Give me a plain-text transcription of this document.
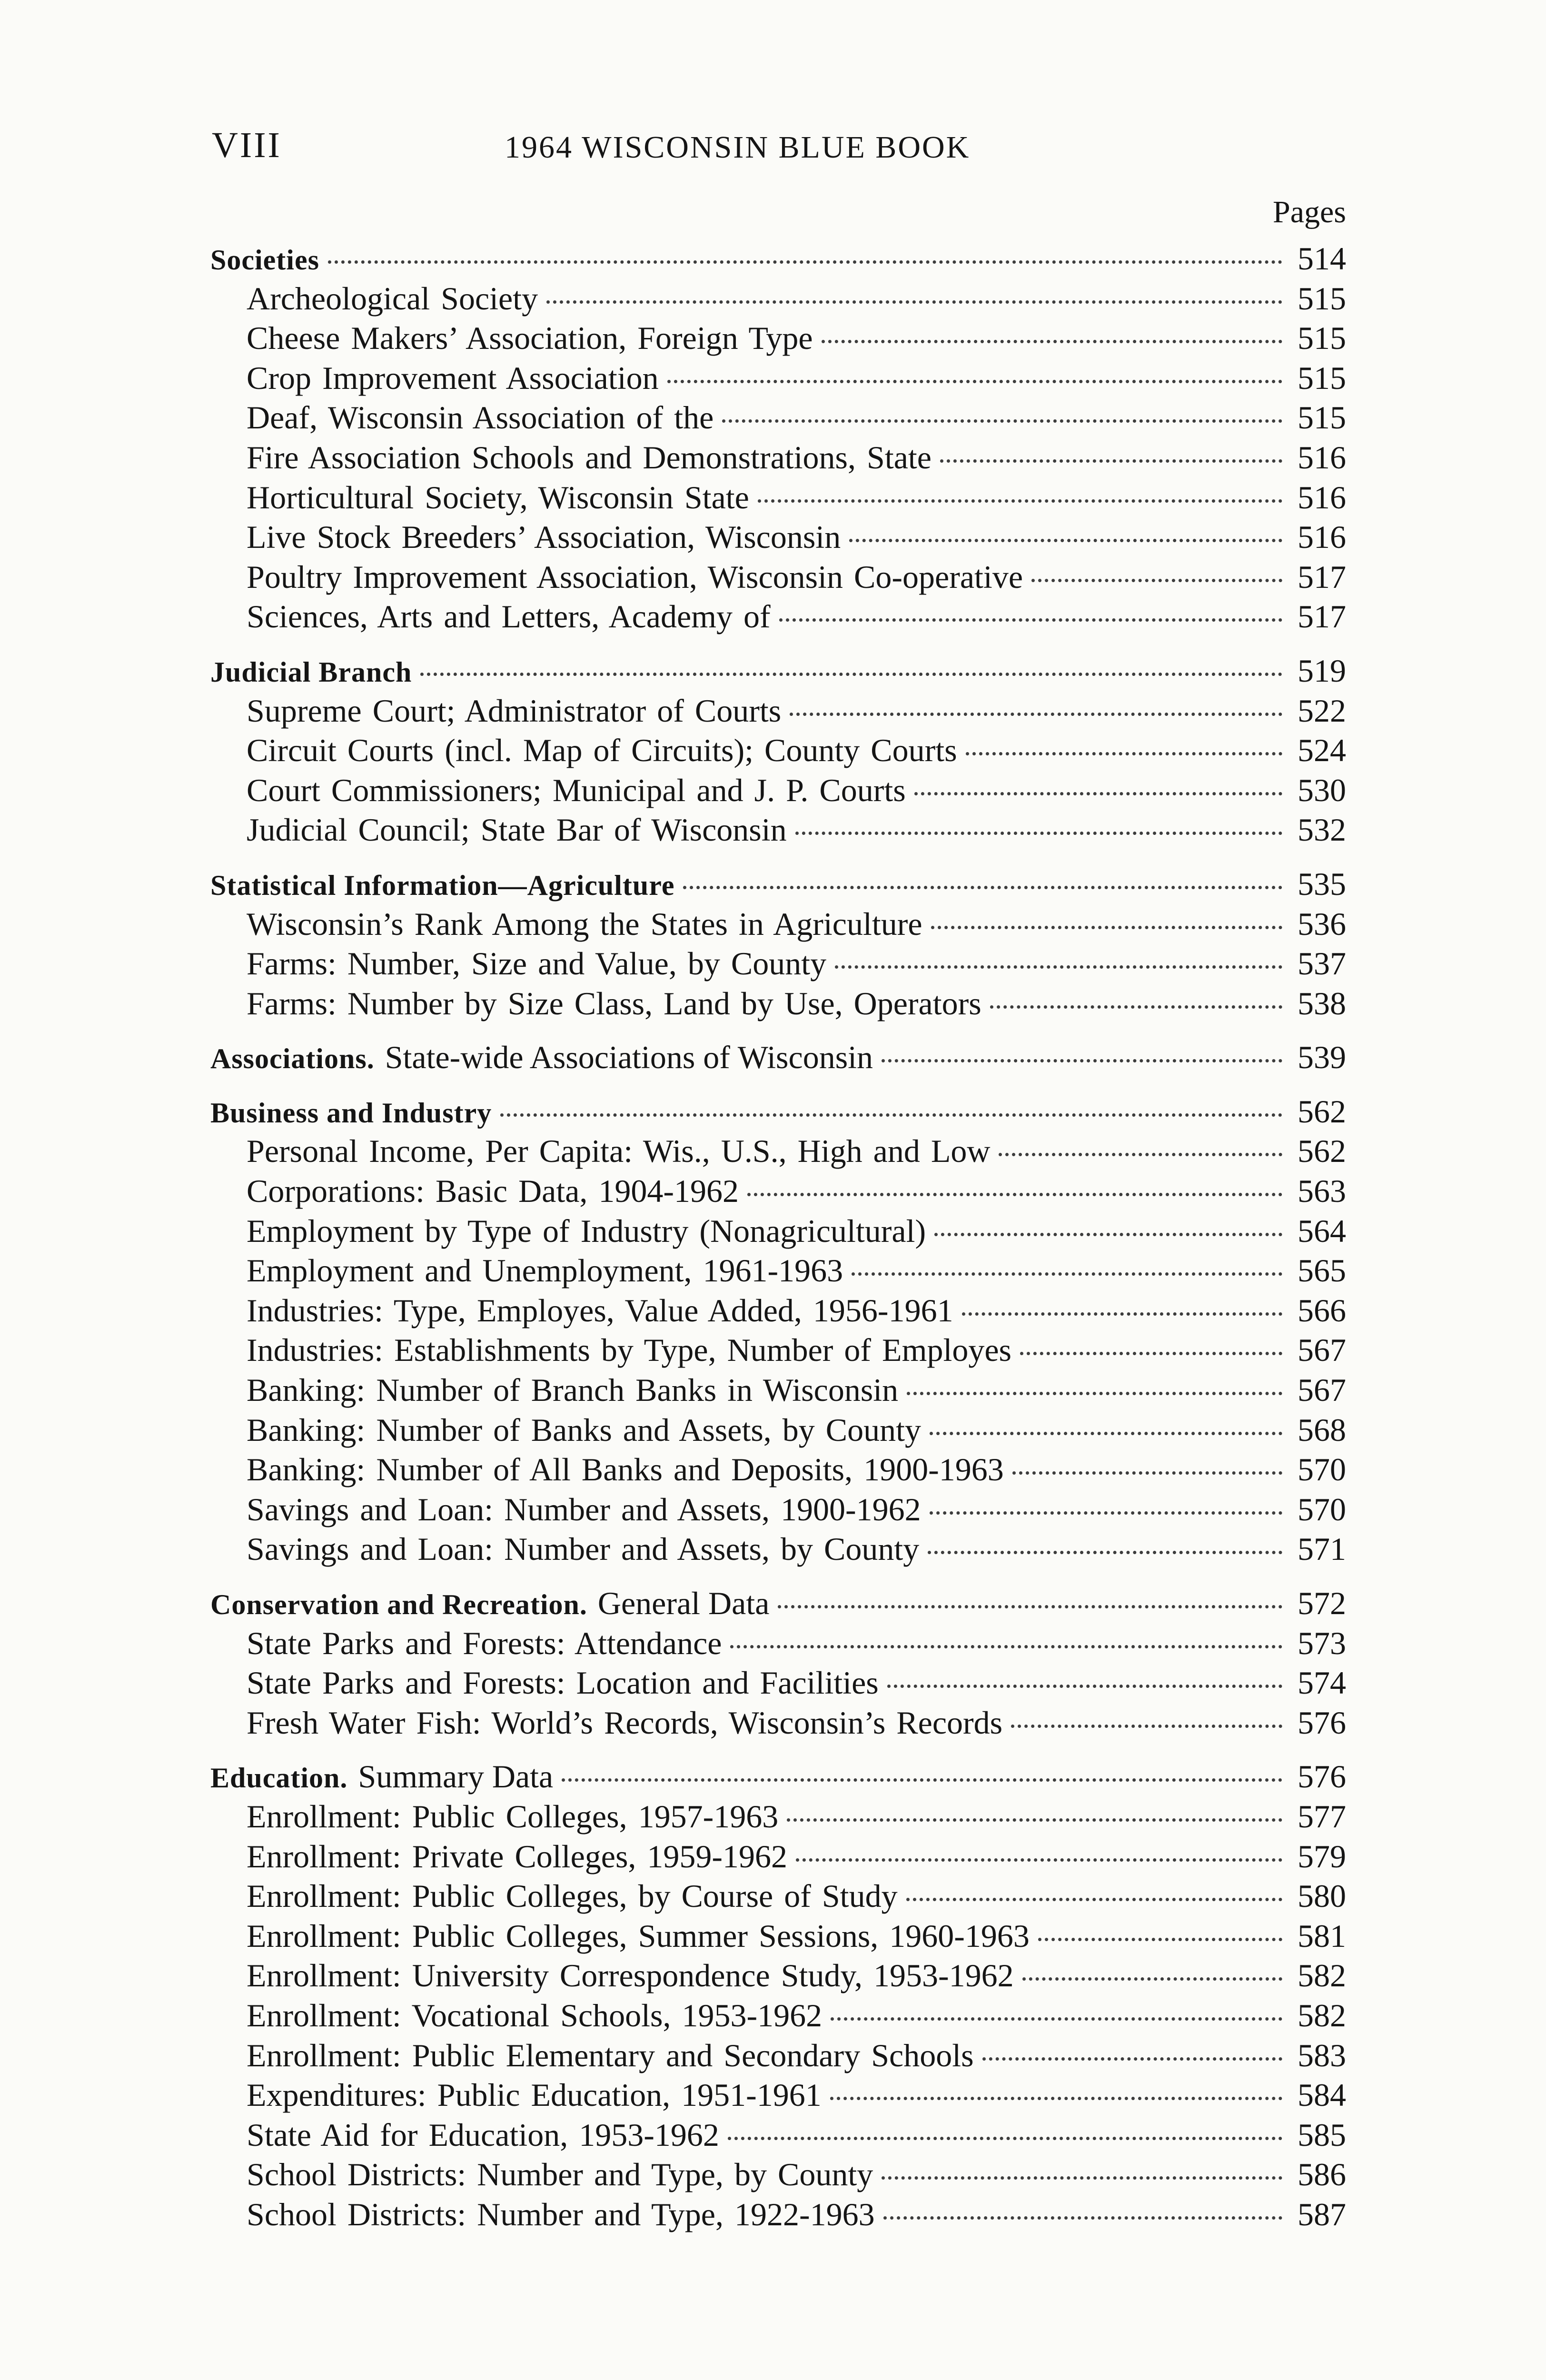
VIII	1964 WISCONSIN BLUE BOOK
Pages
Societies	514
Archeological Society	515
Cheese Makers’ Association, Foreign Type	515
Crop Improvement Association	515
Deaf, Wisconsin Association of the	515
Fire Association Schools and Demonstrations, State	516
Horticultural Society, Wisconsin State	516
Live Stock Breeders’ Association, Wisconsin	516
Poultry Improvement Association, Wisconsin Co-operative	517
Sciences, Arts and Letters, Academy of	517
Judicial Branch	519
Supreme Court; Administrator of Courts	522
Circuit Courts (incl. Map of Circuits); County Courts	524
Court Commissioners; Municipal and J. P. Courts	530
Judicial Council; State Bar of Wisconsin	532
Statistical Information—Agriculture	535
Wisconsin’s Rank Among the States in Agriculture	536
Farms: Number, Size and Value, by County	537
Farms: Number by Size Class, Land by Use, Operators	538
Associations. State-wide Associations of Wisconsin	539
Business and Industry	562
Personal Income, Per Capita: Wis., U.S., High and Low	562
Corporations: Basic Data, 1904-1962	563
Employment by Type of Industry (Nonagricultural)	564
Employment and Unemployment, 1961-1963	565
Industries: Type, Employes, Value Added, 1956-1961	566
Industries: Establishments by Type, Number of Employes	567
Banking: Number of Branch Banks in Wisconsin	567
Banking: Number of Banks and Assets, by County	568
Banking: Number of All Banks and Deposits, 1900-1963	570
Savings and Loan: Number and Assets, 1900-1962	570
Savings and Loan: Number and Assets, by County	571
Conservation and Recreation. General Data	572
State Parks and Forests: Attendance	573
State Parks and Forests: Location and Facilities	574
Fresh Water Fish: World’s Records, Wisconsin’s Records	576
Education. Summary Data	576
Enrollment: Public Colleges, 1957-1963	577
Enrollment: Private Colleges, 1959-1962	579
Enrollment: Public Colleges, by Course of Study	580
Enrollment: Public Colleges, Summer Sessions, 1960-1963	581
Enrollment: University Correspondence Study, 1953-1962	582
Enrollment: Vocational Schools, 1953-1962	582
Enrollment: Public Elementary and Secondary Schools	583
Expenditures: Public Education, 1951-1961	584
State Aid for Education, 1953-1962	585
School Districts: Number and Type, by County	586
School Districts: Number and Type, 1922-1963	587
